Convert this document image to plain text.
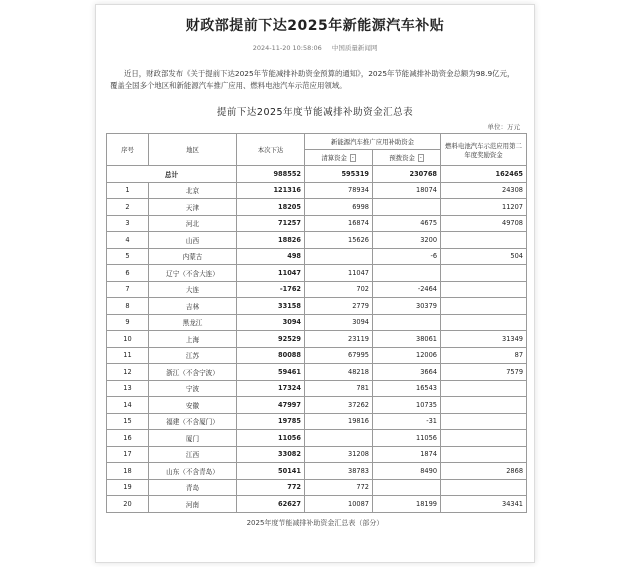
财政部提前下达2025年新能源汽车补贴
2024-11-20 10:58:06 中国质量新闻网

近日，财政部发布《关于提前下达2025年节能减排补助资金预算的通知》，2025年节能减排补助资金总额为98.9亿元，覆盖全国多个地区和新能源汽车推广应用、燃料电池汽车示范应用领域。

提前下达2025年度节能减排补助资金汇总表
单位：万元
序号	地区	本次下达	新能源汽车推广应用补助资金		燃料电池汽车示范应用第二年度奖励资金
			清算资金 -	预拨资金 -	
总计		988552	595319	230768	162465
1	北京	121316	78934	18074	24308
2	天津	18205	6998		11207
3	河北	71257	16874	4675	49708
4	山西	18826	15626	3200	
5	内蒙古	498		-6	504
6	辽宁（不含大连）	11047	11047		
7	大连	-1762	702	-2464	
8	吉林	33158	2779	30379	
9	黑龙江	3094	3094		
10	上海	92529	23119	38061	31349
11	江苏	80088	67995	12006	87
12	浙江（不含宁波）	59461	48218	3664	7579
13	宁波	17324	781	16543	
14	安徽	47997	37262	10735	
15	福建（不含厦门）	19785	19816	-31	
16	厦门	11056		11056	
17	江西	33082	31208	1874	
18	山东（不含青岛）	50141	38783	8490	2868
19	青岛	772	772		
20	河南	62627	10087	18199	34341
2025年度节能减排补助资金汇总表（部分）
